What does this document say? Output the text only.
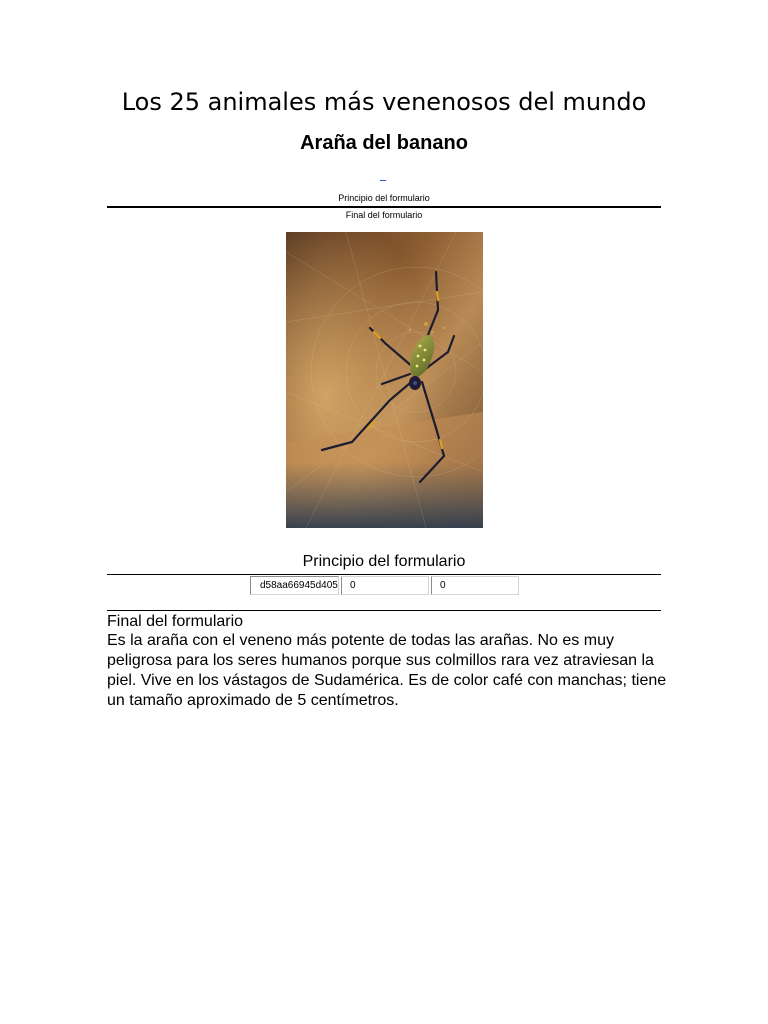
Los 25 animales más venenosos del mundo
Araña del banano

Principio del formulario

Final del formulario

Principio del formulario

d58aa66945d405	0	0

Final del formulario

Es la araña con el veneno más potente de todas las arañas. No es muy peligrosa para los seres humanos porque sus colmillos rara vez atraviesan la piel. Vive en los vástagos de Sudamérica. Es de color café con manchas; tiene un tamaño aproximado de 5 centímetros.
